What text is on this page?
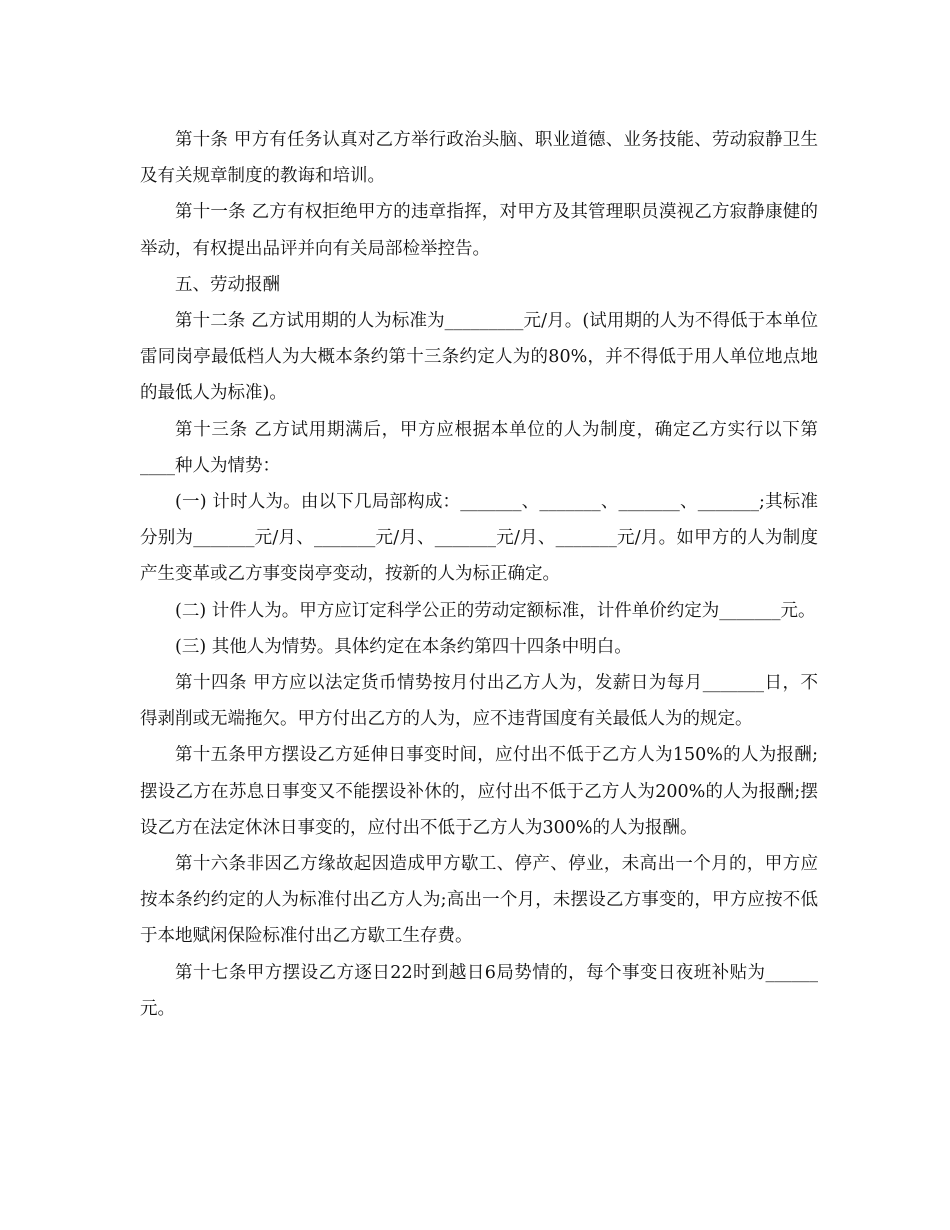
第十条 甲方有任务认真对乙方举行政治头脑、职业道德、业务技能、劳动寂静卫生及有关规章制度的教诲和培训。

第十一条 乙方有权拒绝甲方的违章指挥，对甲方及其管理职员漠视乙方寂静康健的举动，有权提出品评并向有关局部检举控告。

五、劳动报酬

第十二条 乙方试用期的人为标准为_________元/月。(试用期的人为不得低于本单位雷同岗亭最低档人为大概本条约第十三条约定人为的80%，并不得低于用人单位地点地的最低人为标准)。

第十三条 乙方试用期满后，甲方应根据本单位的人为制度，确定乙方实行以下第____种人为情势：

(一) 计时人为。由以下几局部构成：_______、_______、_______、_______;其标准分别为_______元/月、_______元/月、_______元/月、_______元/月。如甲方的人为制度产生变革或乙方事变岗亭变动，按新的人为标正确定。

(二) 计件人为。甲方应订定科学公正的劳动定额标准，计件单价约定为_______元。

(三) 其他人为情势。具体约定在本条约第四十四条中明白。

第十四条 甲方应以法定货币情势按月付出乙方人为，发薪日为每月_______日，不得剥削或无端拖欠。甲方付出乙方的人为，应不违背国度有关最低人为的规定。

第十五条甲方摆设乙方延伸日事变时间，应付出不低于乙方人为150%的人为报酬;摆设乙方在苏息日事变又不能摆设补休的，应付出不低于乙方人为200%的人为报酬;摆设乙方在法定休沐日事变的，应付出不低于乙方人为300%的人为报酬。

第十六条非因乙方缘故起因造成甲方歇工、停产、停业，未高出一个月的，甲方应按本条约约定的人为标准付出乙方人为;高出一个月，未摆设乙方事变的，甲方应按不低于本地赋闲保险标准付出乙方歇工生存费。

第十七条甲方摆设乙方逐日22时到越日6局势情的，每个事变日夜班补贴为______元。
